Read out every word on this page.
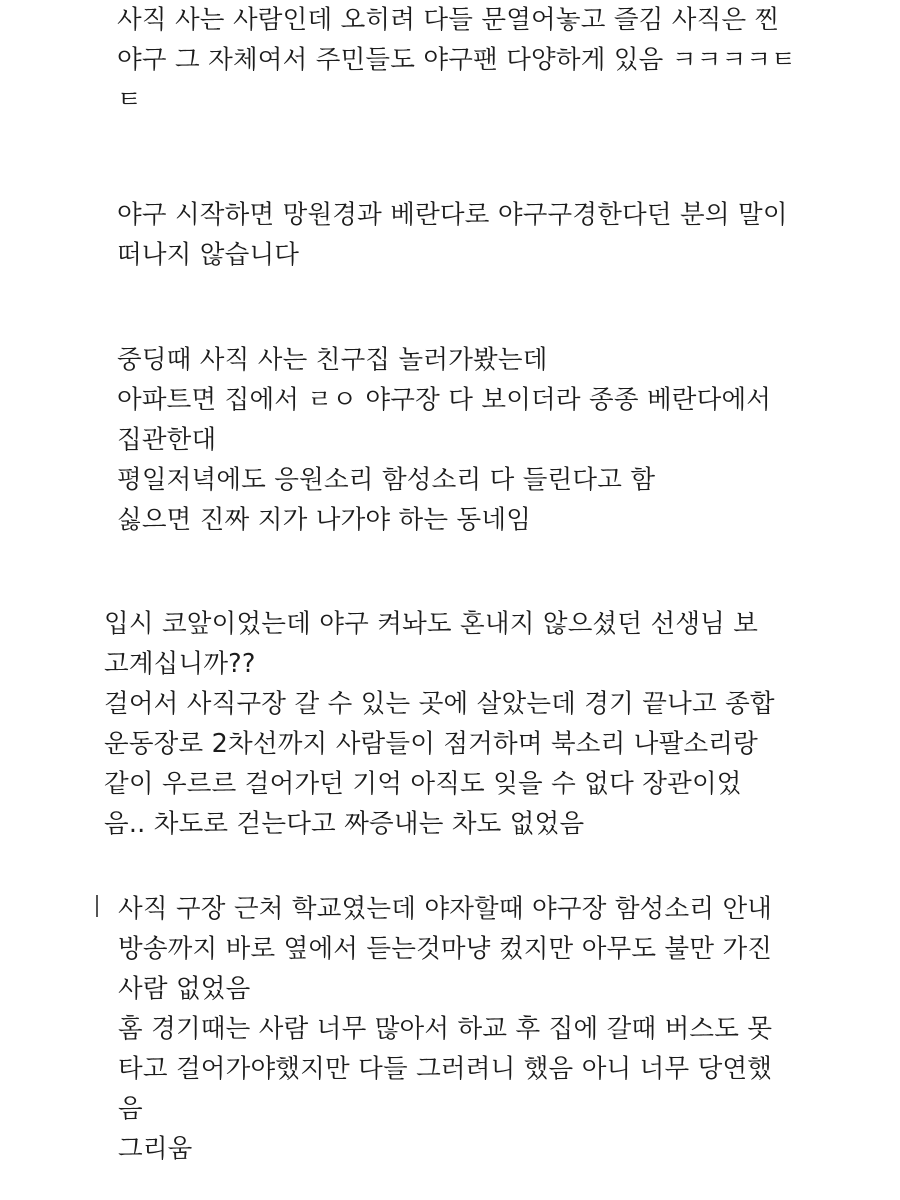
사직 사는 사람인데 오히려 다들 문열어놓고 즐김 사직은 찐
야구 그 자체여서 주민들도 야구팬 다양하게 있음 ㅋㅋㅋㅋㅌ
ㅌ
야구 시작하면 망원경과 베란다로 야구구경한다던 분의 말이
떠나지 않습니다
중딩때 사직 사는 친구집 놀러가봤는데
아파트면 집에서 ㄹㅇ 야구장 다 보이더라 종종 베란다에서
집관한대
평일저녁에도 응원소리 함성소리 다 들린다고 함
싫으면 진짜 지가 나가야 하는 동네임
입시 코앞이었는데 야구 켜놔도 혼내지 않으셨던 선생님 보
고계십니까??
걸어서 사직구장 갈 수 있는 곳에 살았는데 경기 끝나고 종합
운동장로 2차선까지 사람들이 점거하며 북소리 나팔소리랑
같이 우르르 걸어가던 기억 아직도 잊을 수 없다 장관이었
음.. 차도로 걷는다고 짜증내는 차도 없었음
사직 구장 근처 학교였는데 야자할때 야구장 함성소리 안내
방송까지 바로 옆에서 듣는것마냥 컸지만 아무도 불만 가진
사람 없었음
홈 경기때는 사람 너무 많아서 하교 후 집에 갈때 버스도 못
타고 걸어가야했지만 다들 그러려니 했음 아니 너무 당연했
음
그리움
